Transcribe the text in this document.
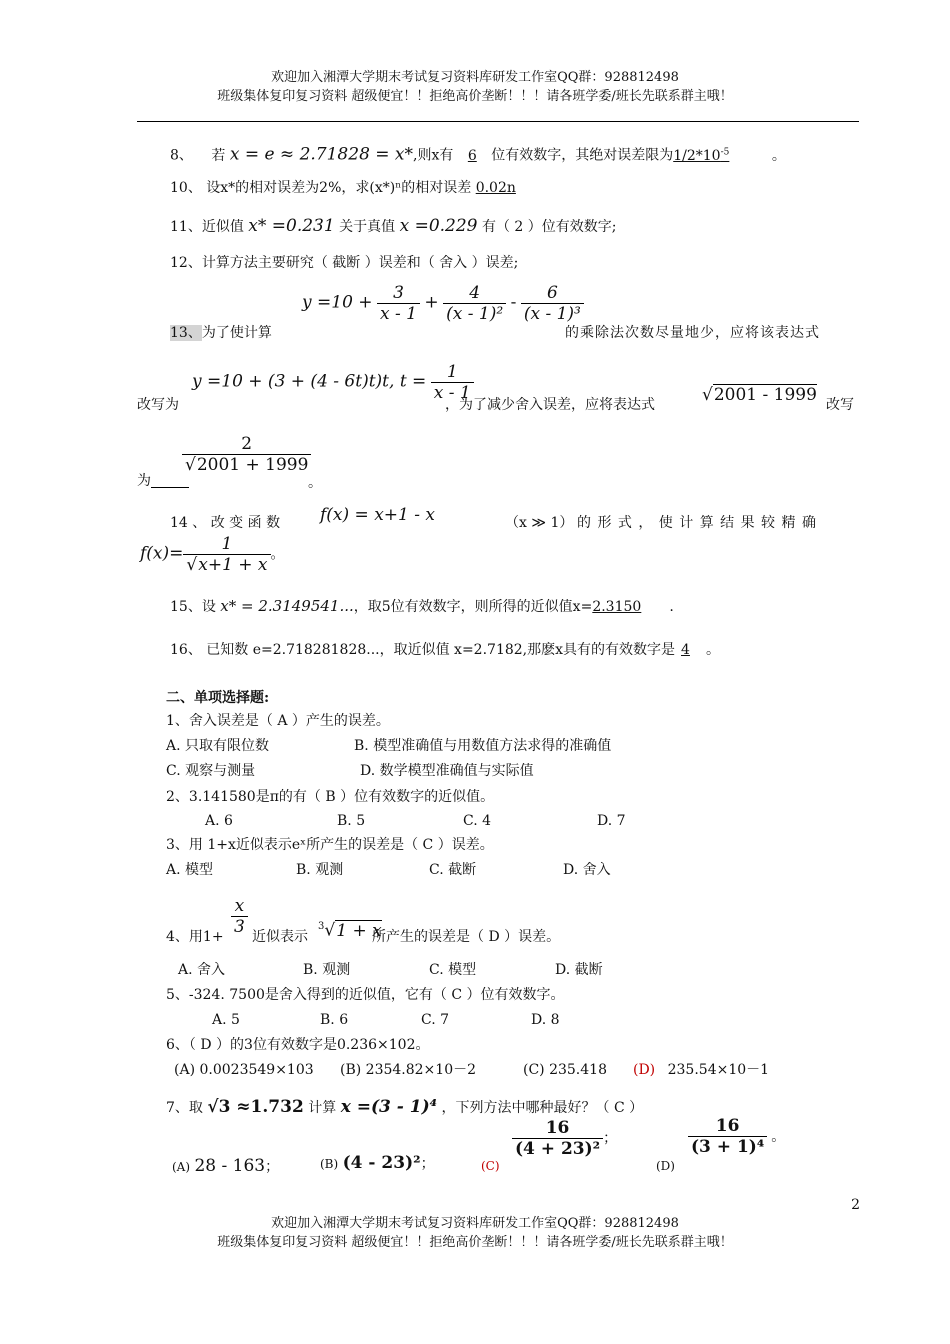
欢迎加入湘潭大学期末考试复习资料库研发工作室QQ群：928812498
班级集体复印复习资料 超级便宜！！拒绝高价垄断！！！请各班学委/班长先联系群主哦！
8、 若 x = e ≈ 2.71828 = x*,则x有 6 位有效数字，其绝对误差限为$1/2*10^{-5}$	。
10、 设x*的相对误差为2%，求(x*)ⁿ的相对误差 0.02n
11、近似值 x* =0.231 关于真值 x =0.229 有（ 2 ）位有效数字;
12、计算方法主要研究（ 截断 ）误差和（ 舍入 ）误差;
$y =10 + \frac{3}{x - 1} + \frac{4}{\text{(x - 1)²}} - \frac{6}{\text{(x - 1)³}}$
13、为了使计算	的乘除法次数尽量地少，应将该表达式
改写为
y =10 + (3 + (4 - 6t)t)t, $t = \frac{1}{x - 1}$
，为了减少舍入误差，应将表达式	√2001 - 1999 改写
为
$\frac{2}{√2001 + 1999}$
。
14 、 改 变 函 数 f(x) = x+1 - x	（x ≫ 1） 的 形 式 ， 使 计 算 结 果 较 精 确
$f(x)= \frac{1}{√x+1 + x}$ 。
15、设 x* = 2.3149541...，取5位有效数字，则所得的近似值x=2.3150 .
16、 已知数 e=2.718281828...，取近似值 x=2.7182,那麽x具有的有效数字是 4 。
二、单项选择题:
1、舍入误差是（ A ）产生的误差。
A. 只取有限位数	B. 模型准确值与用数值方法求得的准确值
C. 观察与测量	D. 数学模型准确值与实际值
2、3.141580是π的有（ B ）位有效数字的近似值。
A. 6	B. 5	C. 4	D. 7
3、用 1+x近似表示eˣ所产生的误差是（ C ）误差。
A. 模型	B. 观测	C. 截断	D. 舍入
4、用$1+ \frac{x}{3}$ 近似表示
$^3$√1 + x
所产生的误差是（ D ）误差。
A. 舍入	B. 观测	C. 模型	D. 截断
5、-324. 7500是舍入得到的近似值，它有（ C ）位有效数字。
A. 5	B. 6	C. 7	D. 8
6、（ D ）的3位有效数字是0.236×102。
(A) 0.0023549×103 (B) 2354.82×10－2	(C) 235.418 (D) 235.54×10－1
7、取 √3 ≈1.732 计算 x =(3 - 1)⁴ ，下列方法中哪种最好？（ C ）
(A) 28 - 163；	(B) (4 - 23)²；	(C)
$\frac{16}{\text{(4 + 23)²}}$ ；
(D)
$\frac{16}{\text{(3 + 1)⁴}}$ 。
2
欢迎加入湘潭大学期末考试复习资料库研发工作室QQ群：928812498
班级集体复印复习资料 超级便宜！！拒绝高价垄断！！！请各班学委/班长先联系群主哦！
